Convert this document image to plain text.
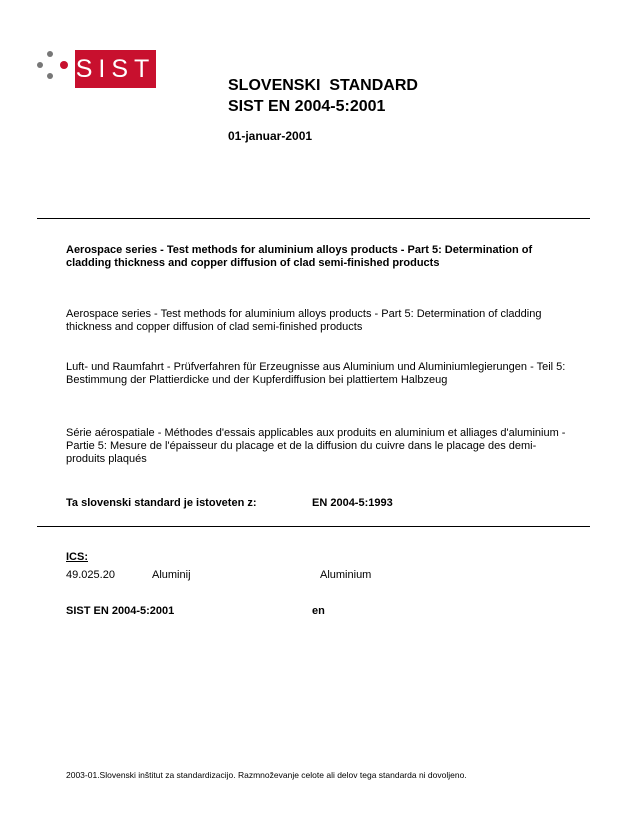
SIST
SLOVENSKI  STANDARD
SIST EN 2004-5:2001
01-januar-2001
Aerospace series - Test methods for aluminium alloys products - Part 5: Determination of cladding thickness and copper diffusion of clad semi-finished products
Aerospace series - Test methods for aluminium alloys products - Part 5: Determination of cladding thickness and copper diffusion of clad semi-finished products
Luft- und Raumfahrt - Prüfverfahren für Erzeugnisse aus Aluminium und Aluminiumlegierungen - Teil 5: Bestimmung der Plattierdicke und der Kupferdiffusion bei plattiertem Halbzeug
Série aérospatiale - Méthodes d'essais applicables aux produits en aluminium et alliages d'aluminium - Partie 5: Mesure de l'épaisseur du placage et de la diffusion du cuivre dans le placage des demi-produits plaqués
Ta slovenski standard je istoveten z:	EN 2004-5:1993
ICS:
49.025.20	Aluminij	Aluminium
SIST EN 2004-5:2001	en
2003-01.Slovenski inštitut za standardizacijo. Razmnoževanje celote ali delov tega standarda ni dovoljeno.
